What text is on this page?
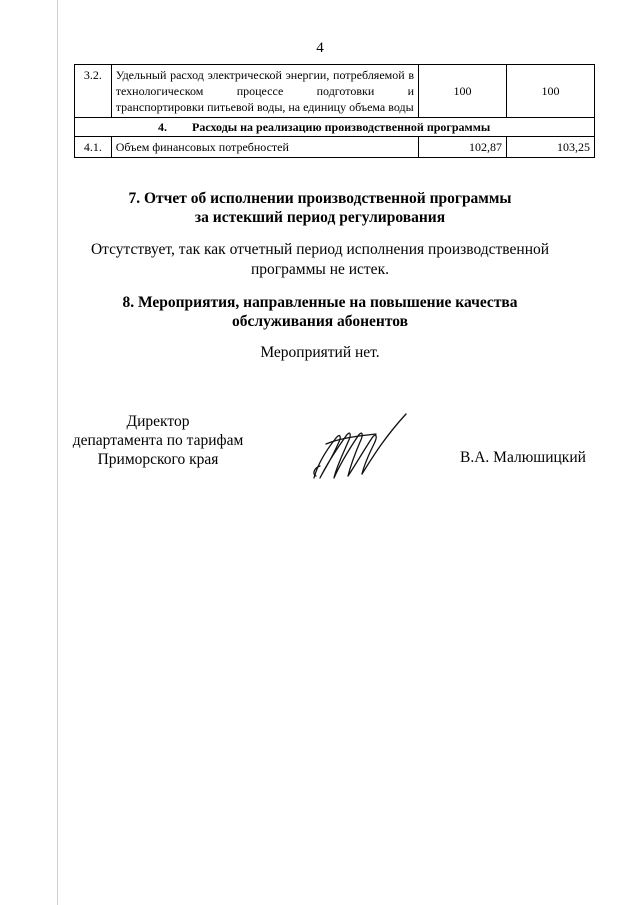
4
3.2.	Удельный расход электрической энергии, потребляемой в технологическом процессе подготовки и транспортировки питьевой воды, на единицу объема воды	100	100
4. Расходы на реализацию производственной программы			
4.1.	Объем финансовых потребностей	102,87	103,25
7. Отчет об исполнении производственной программы
за истекший период регулирования
Отсутствует, так как отчетный период исполнения производственной
программы не истек.
8. Мероприятия, направленные на повышение качества
обслуживания абонентов
Мероприятий нет.
Директор
департамента по тарифам
Приморского края	В.А. Малюшицкий
